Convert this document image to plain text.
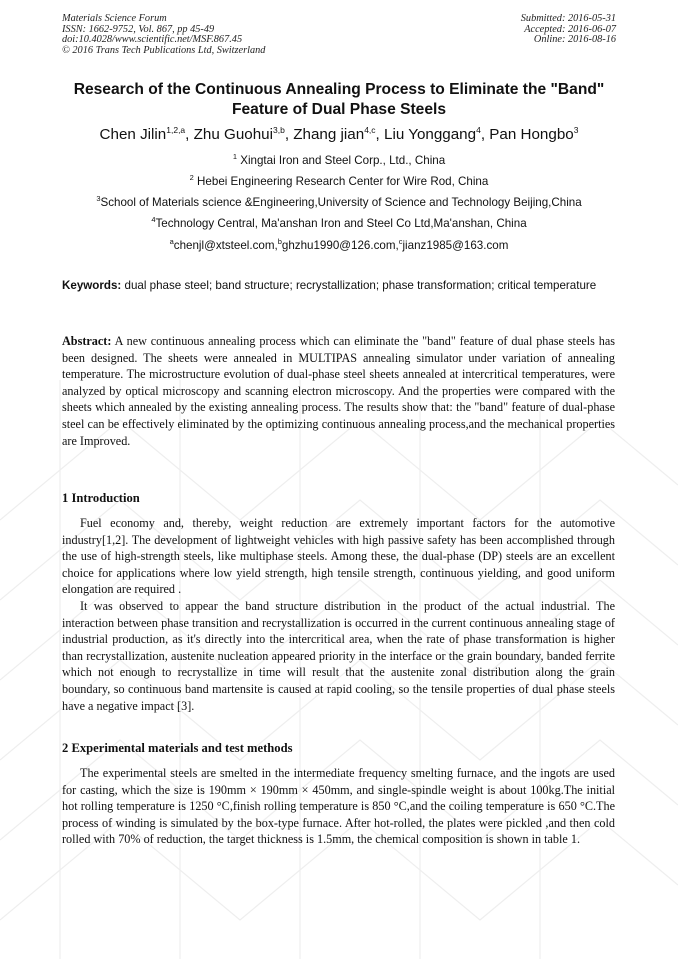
Materials Science Forum
ISSN: 1662-9752, Vol. 867, pp 45-49
doi:10.4028/www.scientific.net/MSF.867.45
© 2016 Trans Tech Publications Ltd, Switzerland
Submitted: 2016-05-31
Accepted: 2016-06-07
Online: 2016-08-16
Research of the Continuous Annealing Process to Eliminate the "Band"
Feature of Dual Phase Steels
Chen Jilin$^{1,2,a}$, Zhu Guohui$^{3,b}$, Zhang jian$^{4,c}$, Liu Yonggang$^4$, Pan Hongbo$^3$
$^1$ Xingtai Iron and Steel Corp., Ltd., China
$^2$ Hebei Engineering Research Center for Wire Rod, China
$^3$School of Materials science &Engineering,University of Science and Technology Beijing,China
$^4$Technology Central, Ma'anshan Iron and Steel Co Ltd,Ma'anshan, China
$^a$chenjl@xtsteel.com,$^b$ghzhu1990@126.com,$^c$jianz1985@163.com
Keywords: dual phase steel; band structure; recrystallization; phase transformation; critical temperature
Abstract: A new continuous annealing process which can eliminate the "band" feature of dual phase steels has been designed. The sheets were annealed in MULTIPAS annealing simulator under variation of annealing temperature. The microstructure evolution of dual-phase steel sheets annealed at intercritical temperatures, were analyzed by optical microscopy and scanning electron microscopy. And the properties were compared with the sheets which annealed by the existing annealing process. The results show that: the "band" feature of dual-phase steel can be effectively eliminated by the optimizing continuous annealing process,and the mechanical properties are Improved.
1 Introduction

Fuel economy and, thereby, weight reduction are extremely important factors for the automotive industry[1,2]. The development of lightweight vehicles with high passive safety has been accomplished through the use of high-strength steels, like multiphase steels. Among these, the dual-phase (DP) steels are an excellent choice for applications where low yield strength, high tensile strength, continuous yielding, and good uniform elongation are required .

It was observed to appear the band structure distribution in the product of the actual industrial. The interaction between phase transition and recrystallization is occurred in the current continuous annealing stage of industrial production, as it's directly into the intercritical area, when the rate of phase transformation is higher than recrystallization, austenite nucleation appeared priority in the interface or the grain boundary, banded ferrite which not enough to recrystallize in time will result that the austenite zonal distribution along the grain boundary, so continuous band martensite is caused at rapid cooling, so the tensile properties of dual phase steels have a negative impact [3].

2 Experimental materials and test methods

The experimental steels are smelted in the intermediate frequency smelting furnace, and the ingots are used for casting, which the size is 190mm × 190mm × 450mm, and single-spindle weight is about 100kg.The initial hot rolling temperature is 1250 °C,finish rolling temperature is 850 °C,and the coiling temperature is 650 °C.The process of winding is simulated by the box-type furnace. After hot-rolled, the plates were pickled ,and then cold rolled with 70% of reduction, the target thickness is 1.5mm, the chemical composition is shown in table 1.
